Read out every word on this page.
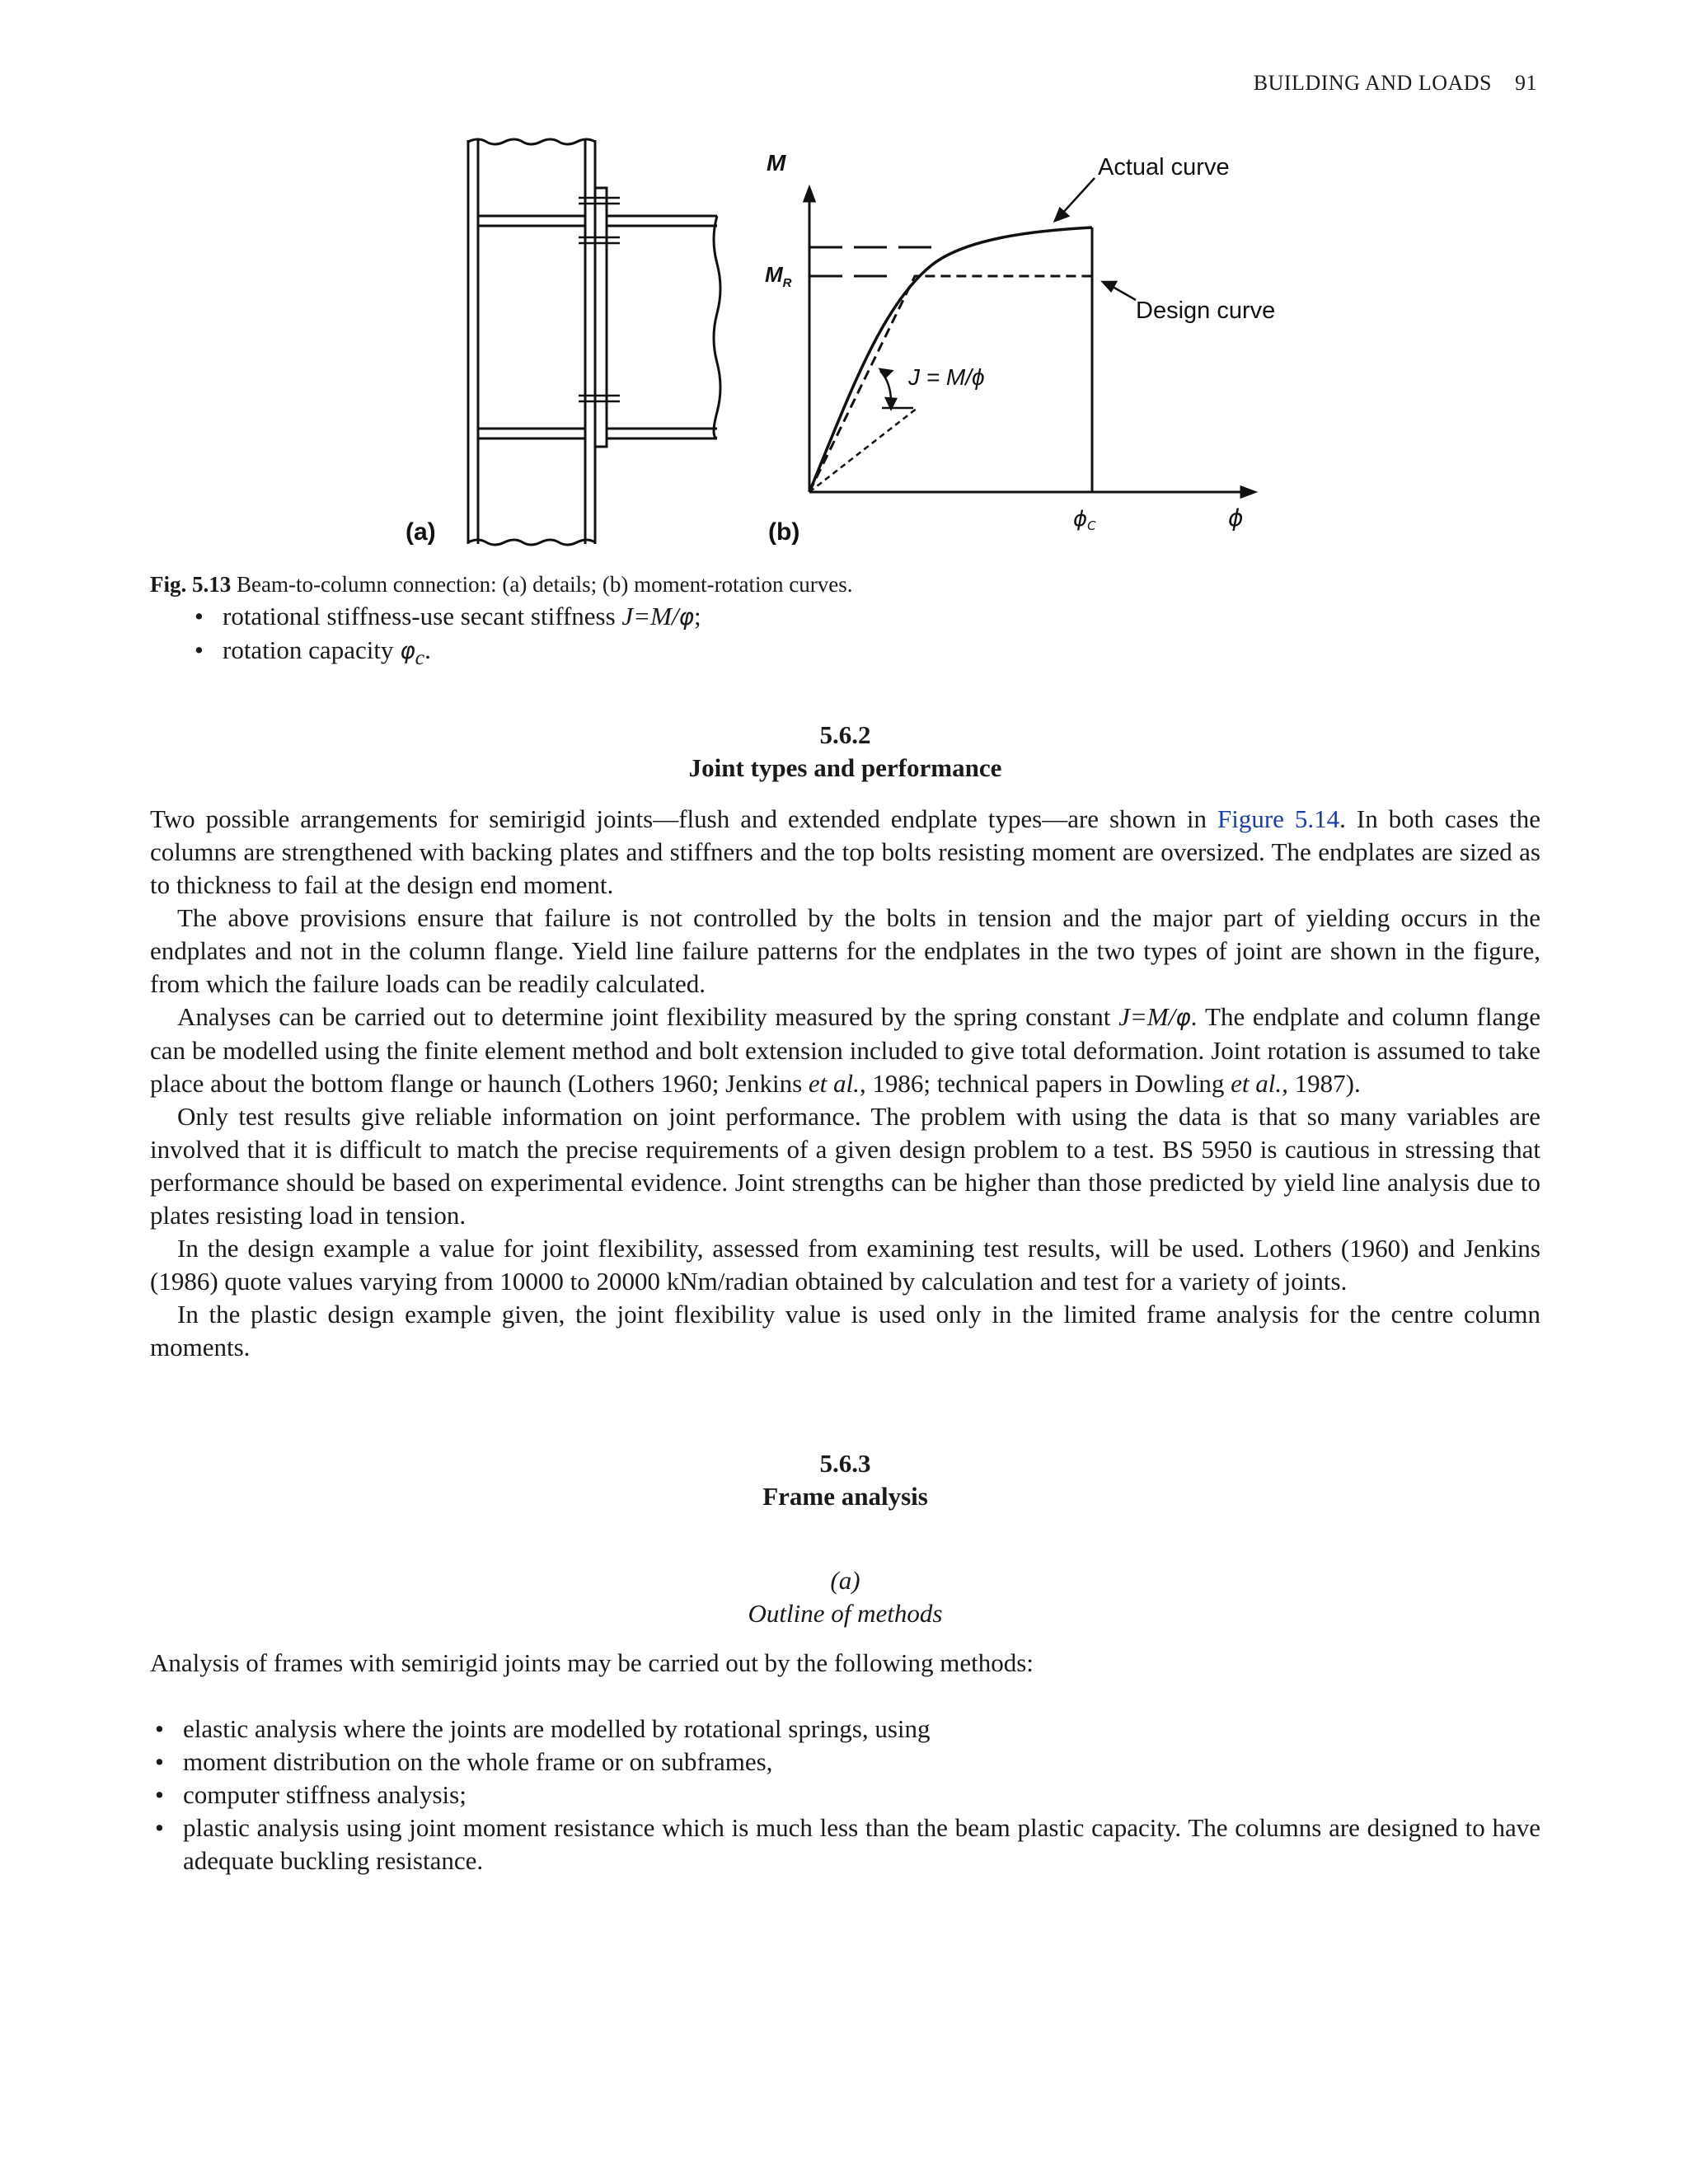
BUILDING AND LOADS 91
(a)
M
$M_R$
Actual curve
Design curve
J = M/ϕ
ϕC	ϕ
(b)
Fig. 5.13 Beam-to-column connection: (a) details; (b) moment-rotation curves.
• rotational stiffness-use secant stiffness J=M/φ;
• rotation capacity $\varphi_c$.
5.6.2
Joint types and performance

Two possible arrangements for semirigid joints—flush and extended endplate types—are shown in Figure 5.14. In both cases the columns are strengthened with backing plates and stiffners and the top bolts resisting moment are oversized. The endplates are sized as to thickness to fail at the design end moment.

The above provisions ensure that failure is not controlled by the bolts in tension and the major part of yielding occurs in the endplates and not in the column flange. Yield line failure patterns for the endplates in the two types of joint are shown in the figure, from which the failure loads can be readily calculated.

Analyses can be carried out to determine joint flexibility measured by the spring constant J=M/φ. The endplate and column flange can be modelled using the finite element method and bolt extension included to give total deformation. Joint rotation is assumed to take place about the bottom flange or haunch (Lothers 1960; Jenkins et al., 1986; technical papers in Dowling et al., 1987).

Only test results give reliable information on joint performance. The problem with using the data is that so many variables are involved that it is difficult to match the precise requirements of a given design problem to a test. BS 5950 is cautious in stressing that performance should be based on experimental evidence. Joint strengths can be higher than those predicted by yield line analysis due to plates resisting load in tension.

In the design example a value for joint flexibility, assessed from examining test results, will be used. Lothers (1960) and Jenkins (1986) quote values varying from 10000 to 20000 kNm/radian obtained by calculation and test for a variety of joints.

In the plastic design example given, the joint flexibility value is used only in the limited frame analysis for the centre column moments.

5.6.3
Frame analysis
(a)
Outline of methods

Analysis of frames with semirigid joints may be carried out by the following methods:

• elastic analysis where the joints are modelled by rotational springs, using
• moment distribution on the whole frame or on subframes,
• computer stiffness analysis;
• plastic analysis using joint moment resistance which is much less than the beam plastic capacity. The columns are designed to have adequate buckling resistance.
